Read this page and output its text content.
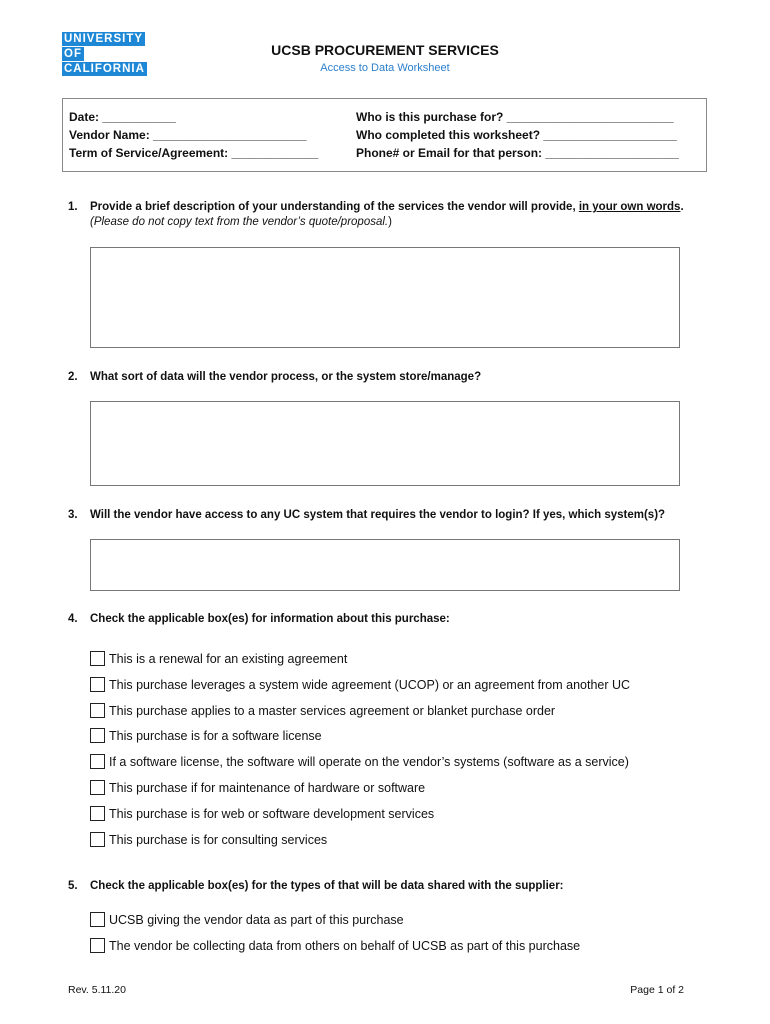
UNIVERSITY
OF
CALIFORNIA
UCSB PROCUREMENT SERVICES
Access to Data Worksheet
Date: ___________
Vendor Name: _______________________
Term of Service/Agreement: _____________
Who is this purchase for? _________________________
Who completed this worksheet? ____________________
Phone# or Email for that person: ____________________
1. Provide a brief description of your understanding of the services the vendor will provide, in your own words.
(Please do not copy text from the vendor’s quote/proposal.)
2. What sort of data will the vendor process, or the system store/manage?
3. Will the vendor have access to any UC system that requires the vendor to login? If yes, which system(s)?
4. Check the applicable box(es) for information about this purchase:
This is a renewal for an existing agreement
This purchase leverages a system wide agreement (UCOP) or an agreement from another UC
This purchase applies to a master services agreement or blanket purchase order
This purchase is for a software license
If a software license, the software will operate on the vendor’s systems (software as a service)
This purchase if for maintenance of hardware or software
This purchase is for web or software development services
This purchase is for consulting services
5. Check the applicable box(es) for the types of that will be data shared with the supplier:
UCSB giving the vendor data as part of this purchase
The vendor be collecting data from others on behalf of UCSB as part of this purchase
Rev. 5.11.20	Page 1 of 2
